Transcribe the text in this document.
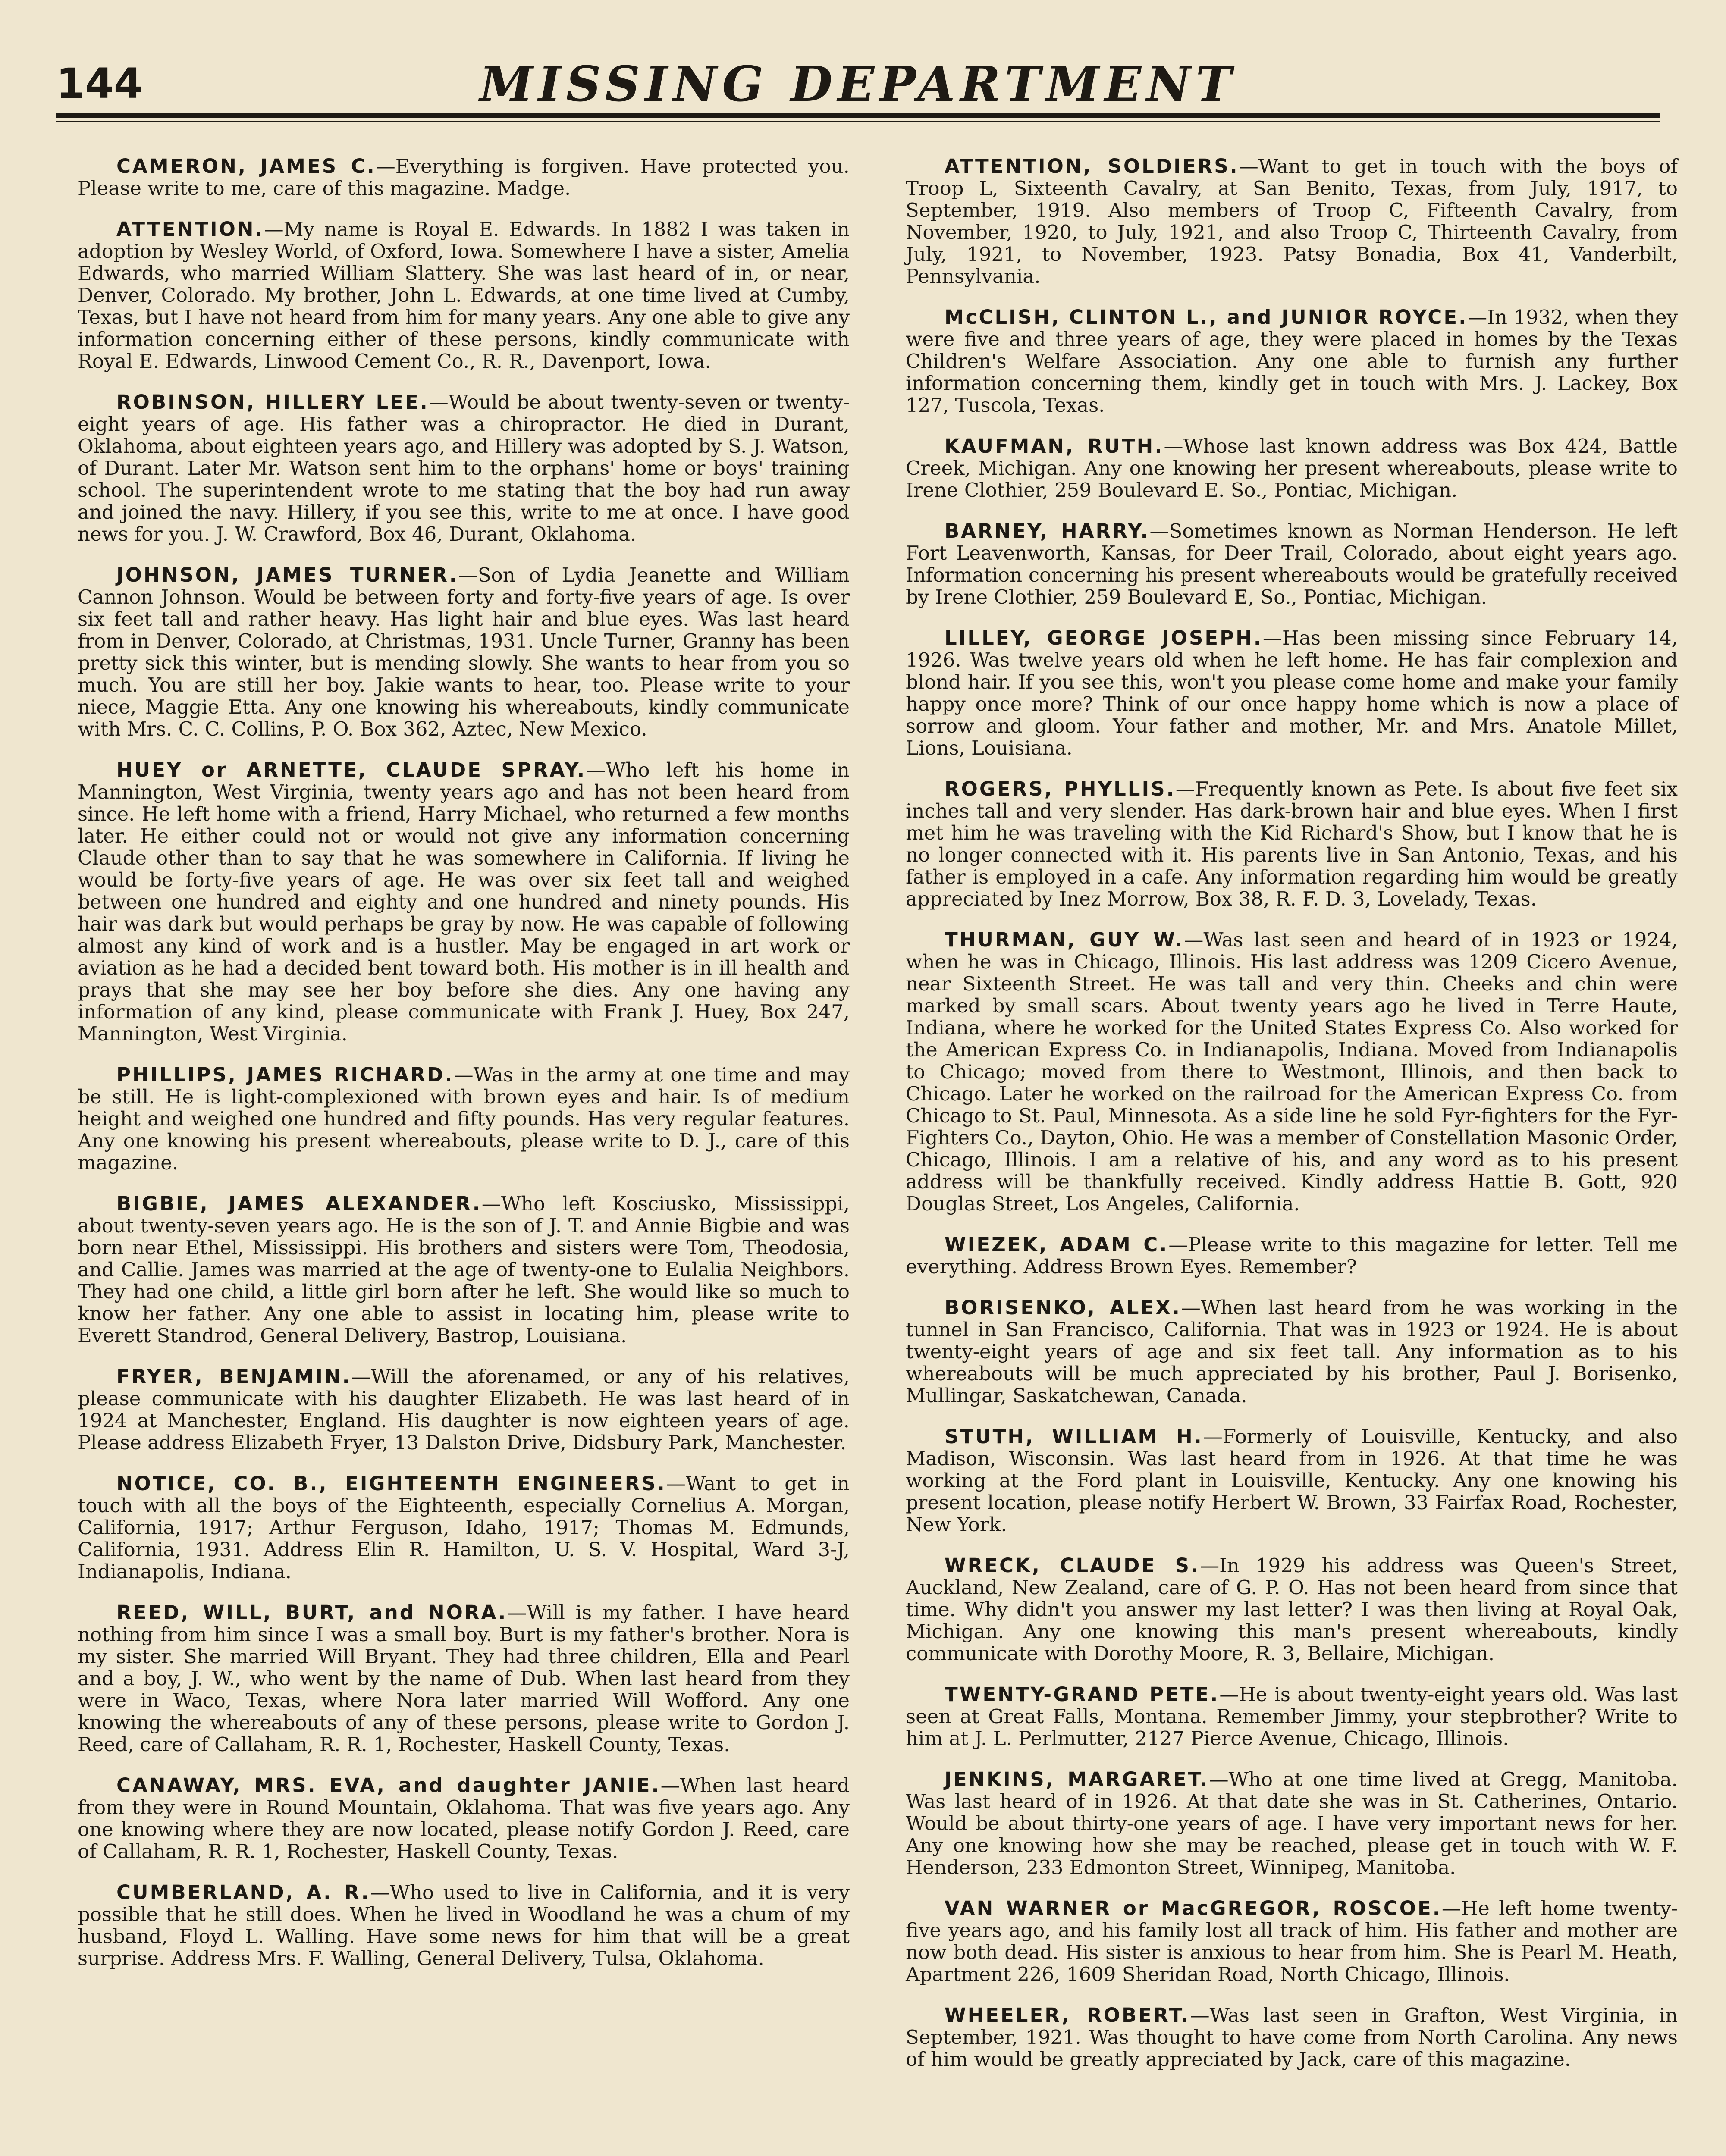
144	MISSING DEPARTMENT

CAMERON, JAMES C.—Everything is forgiven. Have protected you. Please write to me, care of this magazine. Madge.

ATTENTION.—My name is Royal E. Edwards. In 1882 I was taken in adoption by Wesley World, of Oxford, Iowa. Somewhere I have a sister, Amelia Edwards, who married William Slattery. She was last heard of in, or near, Denver, Colorado. My brother, John L. Edwards, at one time lived at Cumby, Texas, but I have not heard from him for many years. Any one able to give any information concerning either of these persons, kindly communicate with Royal E. Edwards, Linwood Cement Co., R. R., Davenport, Iowa.

ROBINSON, HILLERY LEE.—Would be about twenty-seven or twenty-eight years of age. His father was a chiropractor. He died in Durant, Oklahoma, about eighteen years ago, and Hillery was adopted by S. J. Watson, of Durant. Later Mr. Watson sent him to the orphans' home or boys' training school. The superintendent wrote to me stating that the boy had run away and joined the navy. Hillery, if you see this, write to me at once. I have good news for you. J. W. Crawford, Box 46, Durant, Oklahoma.

JOHNSON, JAMES TURNER.—Son of Lydia Jeanette and William Cannon Johnson. Would be between forty and forty-five years of age. Is over six feet tall and rather heavy. Has light hair and blue eyes. Was last heard from in Denver, Colorado, at Christmas, 1931. Uncle Turner, Granny has been pretty sick this winter, but is mending slowly. She wants to hear from you so much. You are still her boy. Jakie wants to hear, too. Please write to your niece, Maggie Etta. Any one knowing his whereabouts, kindly communicate with Mrs. C. C. Collins, P. O. Box 362, Aztec, New Mexico.

HUEY or ARNETTE, CLAUDE SPRAY.—Who left his home in Mannington, West Virginia, twenty years ago and has not been heard from since. He left home with a friend, Harry Michael, who returned a few months later. He either could not or would not give any information concerning Claude other than to say that he was somewhere in California. If living he would be forty-five years of age. He was over six feet tall and weighed between one hundred and eighty and one hundred and ninety pounds. His hair was dark but would perhaps be gray by now. He was capable of following almost any kind of work and is a hustler. May be engaged in art work or aviation as he had a decided bent toward both. His mother is in ill health and prays that she may see her boy before she dies. Any one having any information of any kind, please communicate with Frank J. Huey, Box 247, Mannington, West Virginia.

PHILLIPS, JAMES RICHARD.—Was in the army at one time and may be still. He is light-complexioned with brown eyes and hair. Is of medium height and weighed one hundred and fifty pounds. Has very regular features. Any one knowing his present whereabouts, please write to D. J., care of this magazine.

BIGBIE, JAMES ALEXANDER.—Who left Kosciusko, Mississippi, about twenty-seven years ago. He is the son of J. T. and Annie Bigbie and was born near Ethel, Mississippi. His brothers and sisters were Tom, Theodosia, and Callie. James was married at the age of twenty-one to Eulalia Neighbors. They had one child, a little girl born after he left. She would like so much to know her father. Any one able to assist in locating him, please write to Everett Standrod, General Delivery, Bastrop, Louisiana.

FRYER, BENJAMIN.—Will the aforenamed, or any of his relatives, please communicate with his daughter Elizabeth. He was last heard of in 1924 at Manchester, England. His daughter is now eighteen years of age. Please address Elizabeth Fryer, 13 Dalston Drive, Didsbury Park, Manchester.

NOTICE, CO. B., EIGHTEENTH ENGINEERS.—Want to get in touch with all the boys of the Eighteenth, especially Cornelius A. Morgan, California, 1917; Arthur Ferguson, Idaho, 1917; Thomas M. Edmunds, California, 1931. Address Elin R. Hamilton, U. S. V. Hospital, Ward 3-J, Indianapolis, Indiana.

REED, WILL, BURT, and NORA.—Will is my father. I have heard nothing from him since I was a small boy. Burt is my father's brother. Nora is my sister. She married Will Bryant. They had three children, Ella and Pearl and a boy, J. W., who went by the name of Dub. When last heard from they were in Waco, Texas, where Nora later married Will Wofford. Any one knowing the whereabouts of any of these persons, please write to Gordon J. Reed, care of Callaham, R. R. 1, Rochester, Haskell County, Texas.

CANAWAY, MRS. EVA, and daughter JANIE.—When last heard from they were in Round Mountain, Oklahoma. That was five years ago. Any one knowing where they are now located, please notify Gordon J. Reed, care of Callaham, R. R. 1, Rochester, Haskell County, Texas.

CUMBERLAND, A. R.—Who used to live in California, and it is very possible that he still does. When he lived in Woodland he was a chum of my husband, Floyd L. Walling. Have some news for him that will be a great surprise. Address Mrs. F. Walling, General Delivery, Tulsa, Oklahoma.

ATTENTION, SOLDIERS.—Want to get in touch with the boys of Troop L, Sixteenth Cavalry, at San Benito, Texas, from July, 1917, to September, 1919. Also members of Troop C, Fifteenth Cavalry, from November, 1920, to July, 1921, and also Troop C, Thirteenth Cavalry, from July, 1921, to November, 1923. Patsy Bonadia, Box 41, Vanderbilt, Pennsylvania.

McCLISH, CLINTON L., and JUNIOR ROYCE.—In 1932, when they were five and three years of age, they were placed in homes by the Texas Children's Welfare Association. Any one able to furnish any further information concerning them, kindly get in touch with Mrs. J. Lackey, Box 127, Tuscola, Texas.

KAUFMAN, RUTH.—Whose last known address was Box 424, Battle Creek, Michigan. Any one knowing her present whereabouts, please write to Irene Clothier, 259 Boulevard E. So., Pontiac, Michigan.

BARNEY, HARRY.—Sometimes known as Norman Henderson. He left Fort Leavenworth, Kansas, for Deer Trail, Colorado, about eight years ago. Information concerning his present whereabouts would be gratefully received by Irene Clothier, 259 Boulevard E, So., Pontiac, Michigan.

LILLEY, GEORGE JOSEPH.—Has been missing since February 14, 1926. Was twelve years old when he left home. He has fair complexion and blond hair. If you see this, won't you please come home and make your family happy once more? Think of our once happy home which is now a place of sorrow and gloom. Your father and mother, Mr. and Mrs. Anatole Millet, Lions, Louisiana.

ROGERS, PHYLLIS.—Frequently known as Pete. Is about five feet six inches tall and very slender. Has dark-brown hair and blue eyes. When I first met him he was traveling with the Kid Richard's Show, but I know that he is no longer connected with it. His parents live in San Antonio, Texas, and his father is employed in a cafe. Any information regarding him would be greatly appreciated by Inez Morrow, Box 38, R. F. D. 3, Lovelady, Texas.

THURMAN, GUY W.—Was last seen and heard of in 1923 or 1924, when he was in Chicago, Illinois. His last address was 1209 Cicero Avenue, near Sixteenth Street. He was tall and very thin. Cheeks and chin were marked by small scars. About twenty years ago he lived in Terre Haute, Indiana, where he worked for the United States Express Co. Also worked for the American Express Co. in Indianapolis, Indiana. Moved from Indianapolis to Chicago; moved from there to Westmont, Illinois, and then back to Chicago. Later he worked on the railroad for the American Express Co. from Chicago to St. Paul, Minnesota. As a side line he sold Fyr-fighters for the Fyr-Fighters Co., Dayton, Ohio. He was a member of Constellation Masonic Order, Chicago, Illinois. I am a relative of his, and any word as to his present address will be thankfully received. Kindly address Hattie B. Gott, 920 Douglas Street, Los Angeles, California.

WIEZEK, ADAM C.—Please write to this magazine for letter. Tell me everything. Address Brown Eyes. Remember?

BORISENKO, ALEX.—When last heard from he was working in the tunnel in San Francisco, California. That was in 1923 or 1924. He is about twenty-eight years of age and six feet tall. Any information as to his whereabouts will be much appreciated by his brother, Paul J. Borisenko, Mullingar, Saskatchewan, Canada.

STUTH, WILLIAM H.—Formerly of Louisville, Kentucky, and also Madison, Wisconsin. Was last heard from in 1926. At that time he was working at the Ford plant in Louisville, Kentucky. Any one knowing his present location, please notify Herbert W. Brown, 33 Fairfax Road, Rochester, New York.

WRECK, CLAUDE S.—In 1929 his address was Queen's Street, Auckland, New Zealand, care of G. P. O. Has not been heard from since that time. Why didn't you answer my last letter? I was then living at Royal Oak, Michigan. Any one knowing this man's present whereabouts, kindly communicate with Dorothy Moore, R. 3, Bellaire, Michigan.

TWENTY-GRAND PETE.—He is about twenty-eight years old. Was last seen at Great Falls, Montana. Remember Jimmy, your stepbrother? Write to him at J. L. Perlmutter, 2127 Pierce Avenue, Chicago, Illinois.

JENKINS, MARGARET.—Who at one time lived at Gregg, Manitoba. Was last heard of in 1926. At that date she was in St. Catherines, Ontario. Would be about thirty-one years of age. I have very important news for her. Any one knowing how she may be reached, please get in touch with W. F. Henderson, 233 Edmonton Street, Winnipeg, Manitoba.

VAN WARNER or MacGREGOR, ROSCOE.—He left home twenty-five years ago, and his family lost all track of him. His father and mother are now both dead. His sister is anxious to hear from him. She is Pearl M. Heath, Apartment 226, 1609 Sheridan Road, North Chicago, Illinois.

WHEELER, ROBERT.—Was last seen in Grafton, West Virginia, in September, 1921. Was thought to have come from North Carolina. Any news of him would be greatly appreciated by Jack, care of this magazine.
